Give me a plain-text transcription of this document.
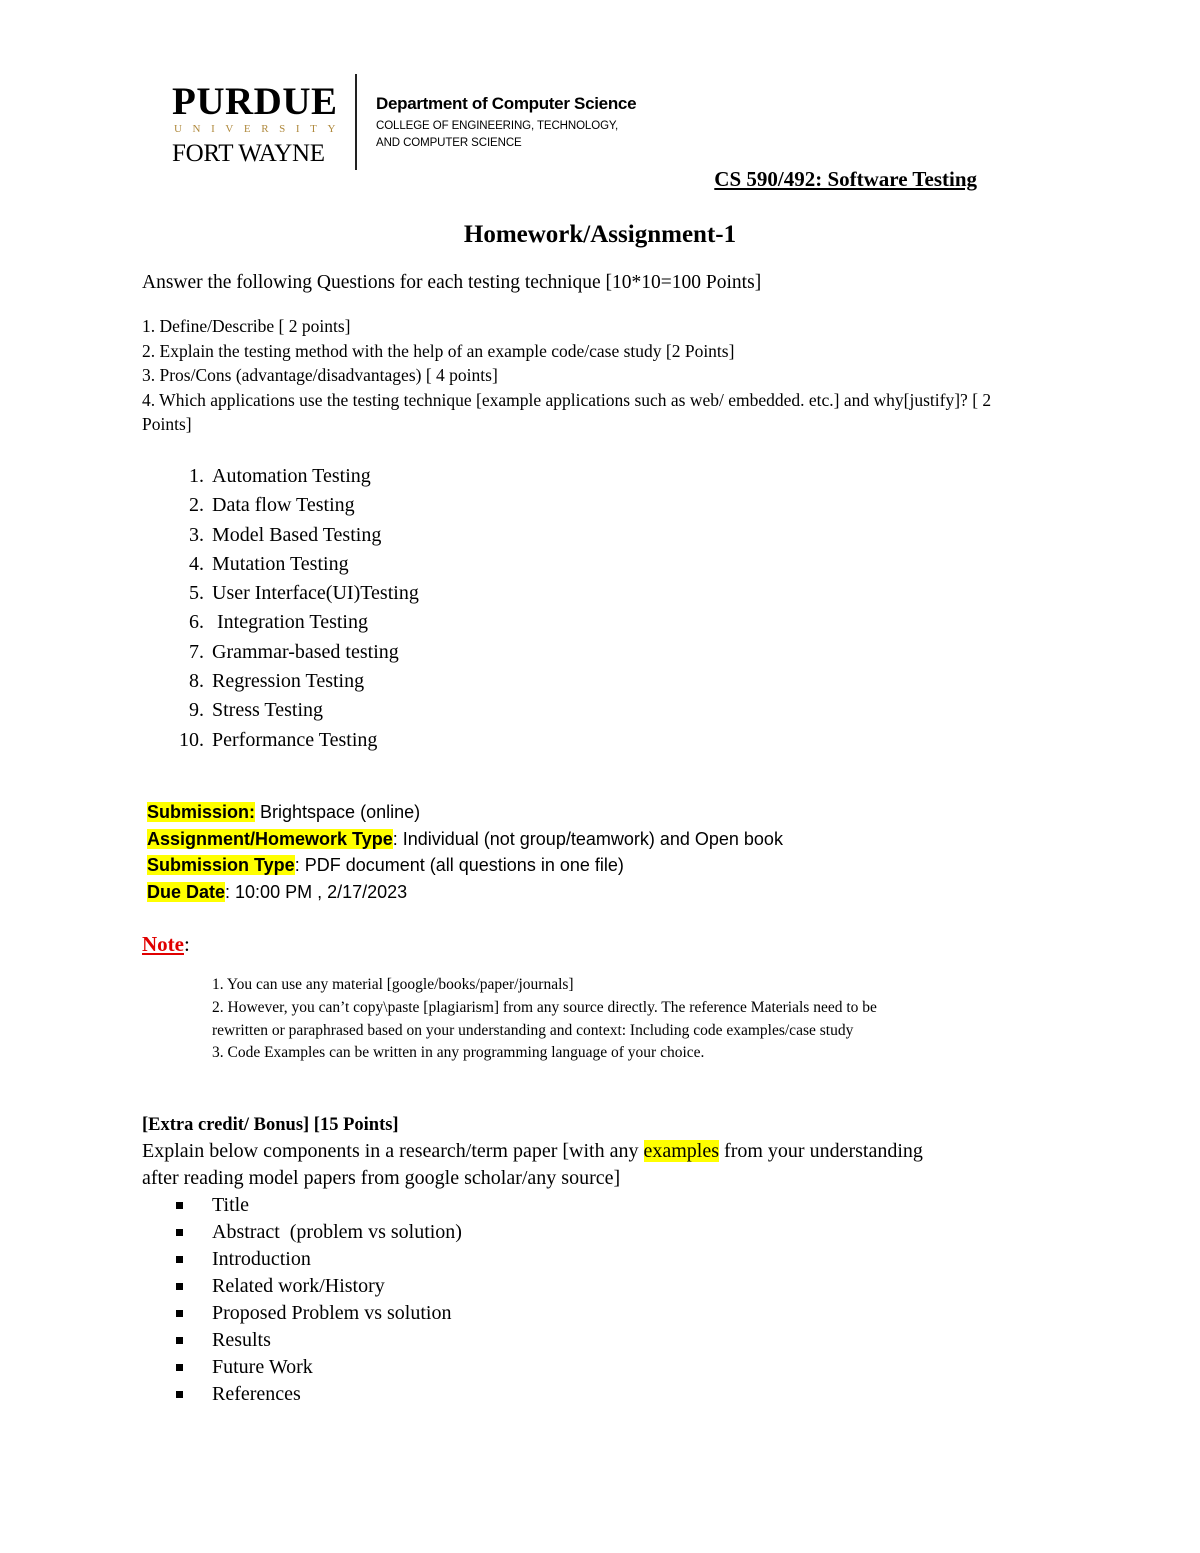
PURDUE
UNIVERSITY
FORT WAYNE
Department of Computer Science
COLLEGE OF ENGINEERING, TECHNOLOGY,
AND COMPUTER SCIENCE
CS 590/492: Software Testing
Homework/Assignment-1
Answer the following Questions for each testing technique [10*10=100 Points]
1. Define/Describe [ 2 points]
2. Explain the testing method with the help of an example code/case study [2 Points]
3. Pros/Cons (advantage/disadvantages) [ 4 points]
4. Which applications use the testing technique [example applications such as web/ embedded. etc.] and why[justify]? [ 2 Points]
1. Automation Testing
2. Data flow Testing
3. Model Based Testing
4. Mutation Testing
5. User Interface(UI)Testing
6. Integration Testing
7. Grammar-based testing
8. Regression Testing
9. Stress Testing
10. Performance Testing
Submission: Brightspace (online)
Assignment/Homework Type: Individual (not group/teamwork) and Open book
Submission Type: PDF document (all questions in one file)
Due Date: 10:00 PM , 2/17/2023
Note:
1. You can use any material [google/books/paper/journals]
2. However, you can’t copy\paste [plagiarism] from any source directly. The reference Materials need to be rewritten or paraphrased based on your understanding and context: Including code examples/case study
3. Code Examples can be written in any programming language of your choice.
[Extra credit/ Bonus] [15 Points]
Explain below components in a research/term paper [with any examples from your understanding after reading model papers from google scholar/any source]
Title
Abstract  (problem vs solution)
Introduction
Related work/History
Proposed Problem vs solution
Results
Future Work
References
